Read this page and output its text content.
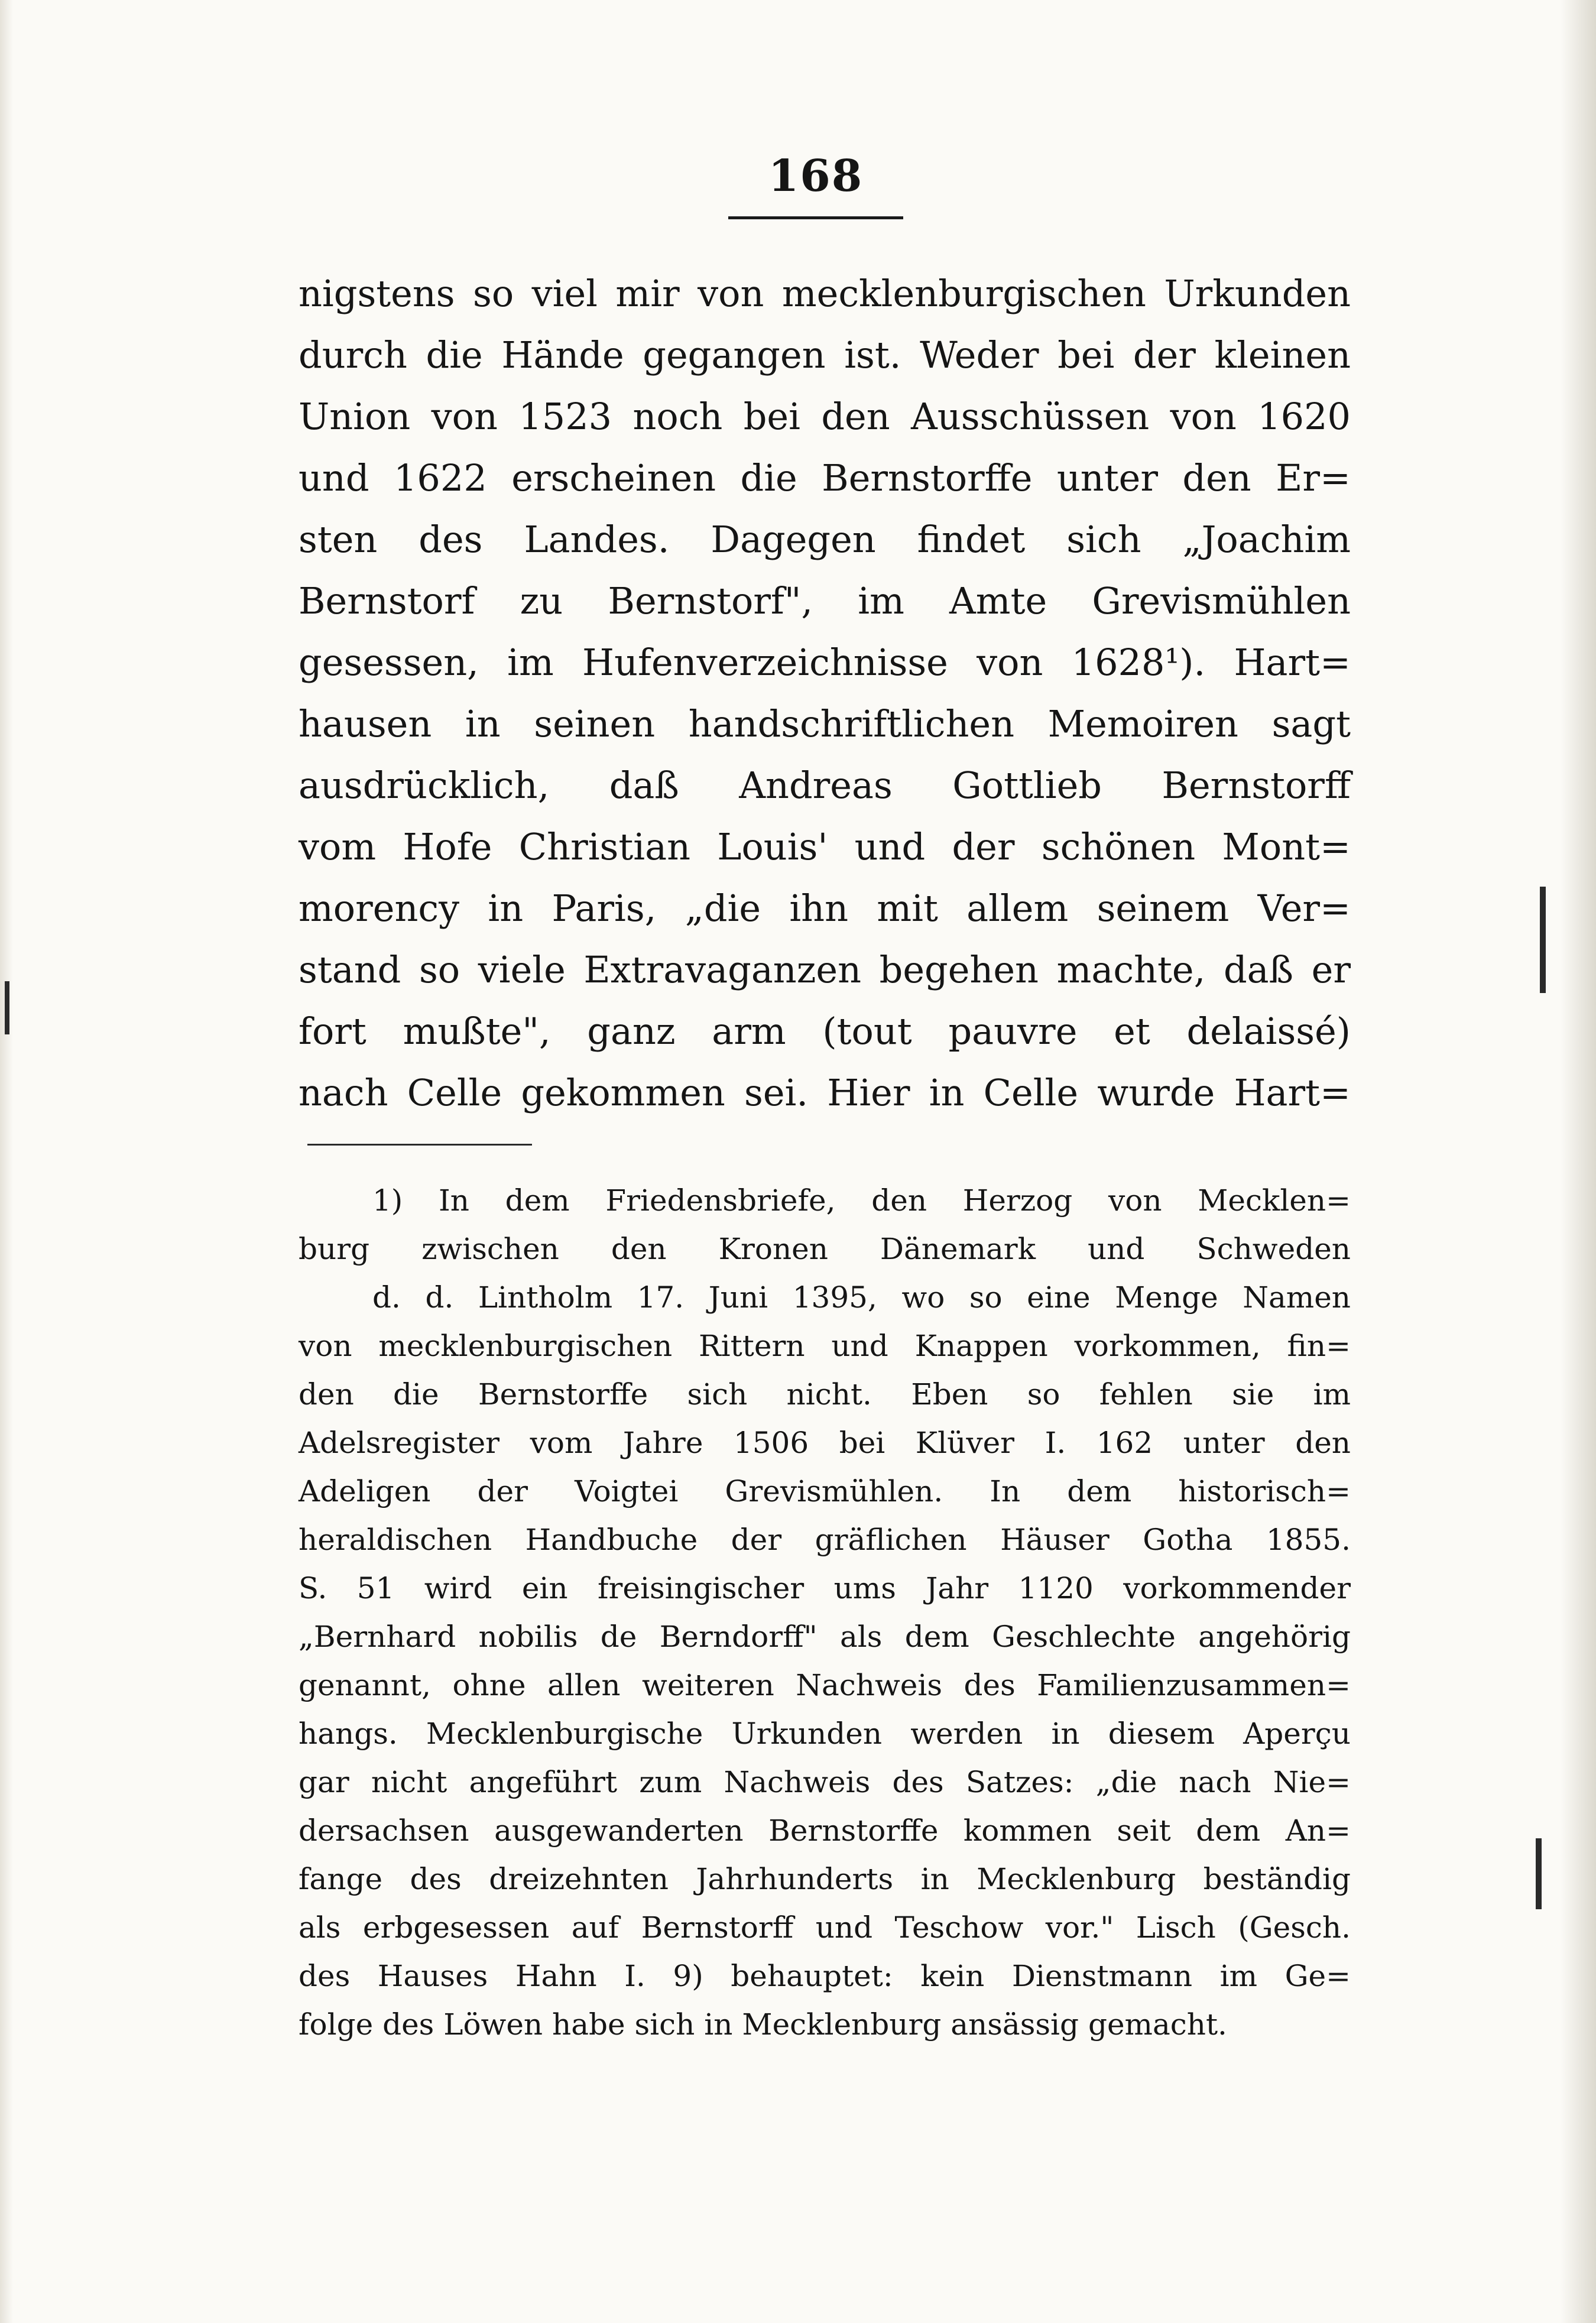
168
nigstens so viel mir von mecklenburgischen Urkunden
durch die Hände gegangen ist. Weder bei der kleinen
Union von 1523 noch bei den Ausschüssen von 1620
und 1622 erscheinen die Bernstorffe unter den Er=
sten des Landes. Dagegen findet sich „Joachim
Bernstorf zu Bernstorf", im Amte Grevismühlen
gesessen, im Hufenverzeichnisse von 1628¹). Hart=
hausen in seinen handschriftlichen Memoiren sagt
ausdrücklich, daß Andreas Gottlieb Bernstorff
vom Hofe Christian Louis' und der schönen Mont=
morency in Paris, „die ihn mit allem seinem Ver=
stand so viele Extravaganzen begehen machte, daß er
fort mußte", ganz arm (tout pauvre et delaissé)
nach Celle gekommen sei. Hier in Celle wurde Hart=
1) In dem Friedensbriefe, den Herzog von Mecklen=
burg zwischen den Kronen Dänemark und Schweden
d. d. Lintholm 17. Juni 1395, wo so eine Menge Namen
von mecklenburgischen Rittern und Knappen vorkommen, fin=
den die Bernstorffe sich nicht. Eben so fehlen sie im
Adelsregister vom Jahre 1506 bei Klüver I. 162 unter den
Adeligen der Voigtei Grevismühlen. In dem historisch=
heraldischen Handbuche der gräflichen Häuser Gotha 1855.
S. 51 wird ein freisingischer ums Jahr 1120 vorkommender
„Bernhard nobilis de Berndorff" als dem Geschlechte angehörig
genannt, ohne allen weiteren Nachweis des Familienzusammen=
hangs. Mecklenburgische Urkunden werden in diesem Aperçu
gar nicht angeführt zum Nachweis des Satzes: „die nach Nie=
dersachsen ausgewanderten Bernstorffe kommen seit dem An=
fange des dreizehnten Jahrhunderts in Mecklenburg beständig
als erbgesessen auf Bernstorff und Teschow vor." Lisch (Gesch.
des Hauses Hahn I. 9) behauptet: kein Dienstmann im Ge=
folge des Löwen habe sich in Mecklenburg ansässig gemacht.
